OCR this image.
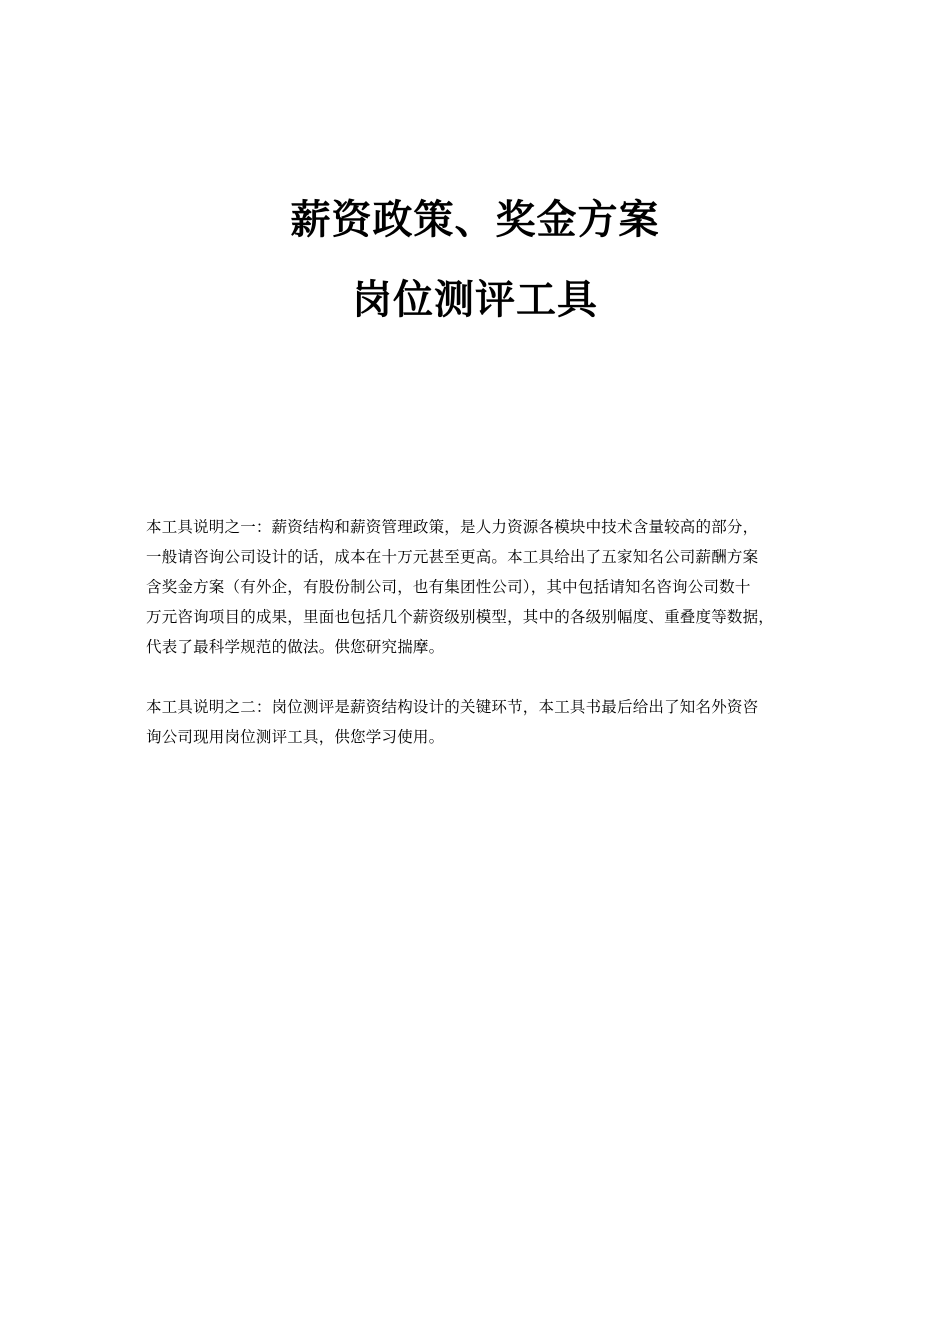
薪资政策、奖金方案
岗位测评工具

本工具说明之一：薪资结构和薪资管理政策，是人力资源各模块中技术含量较高的部分，
一般请咨询公司设计的话，成本在十万元甚至更高。本工具给出了五家知名公司薪酬方案
含奖金方案（有外企，有股份制公司，也有集团性公司），其中包括请知名咨询公司数十
万元咨询项目的成果，里面也包括几个薪资级别模型，其中的各级别幅度、重叠度等数据，
代表了最科学规范的做法。供您研究揣摩。

本工具说明之二：岗位测评是薪资结构设计的关键环节，本工具书最后给出了知名外资咨
询公司现用岗位测评工具，供您学习使用。
